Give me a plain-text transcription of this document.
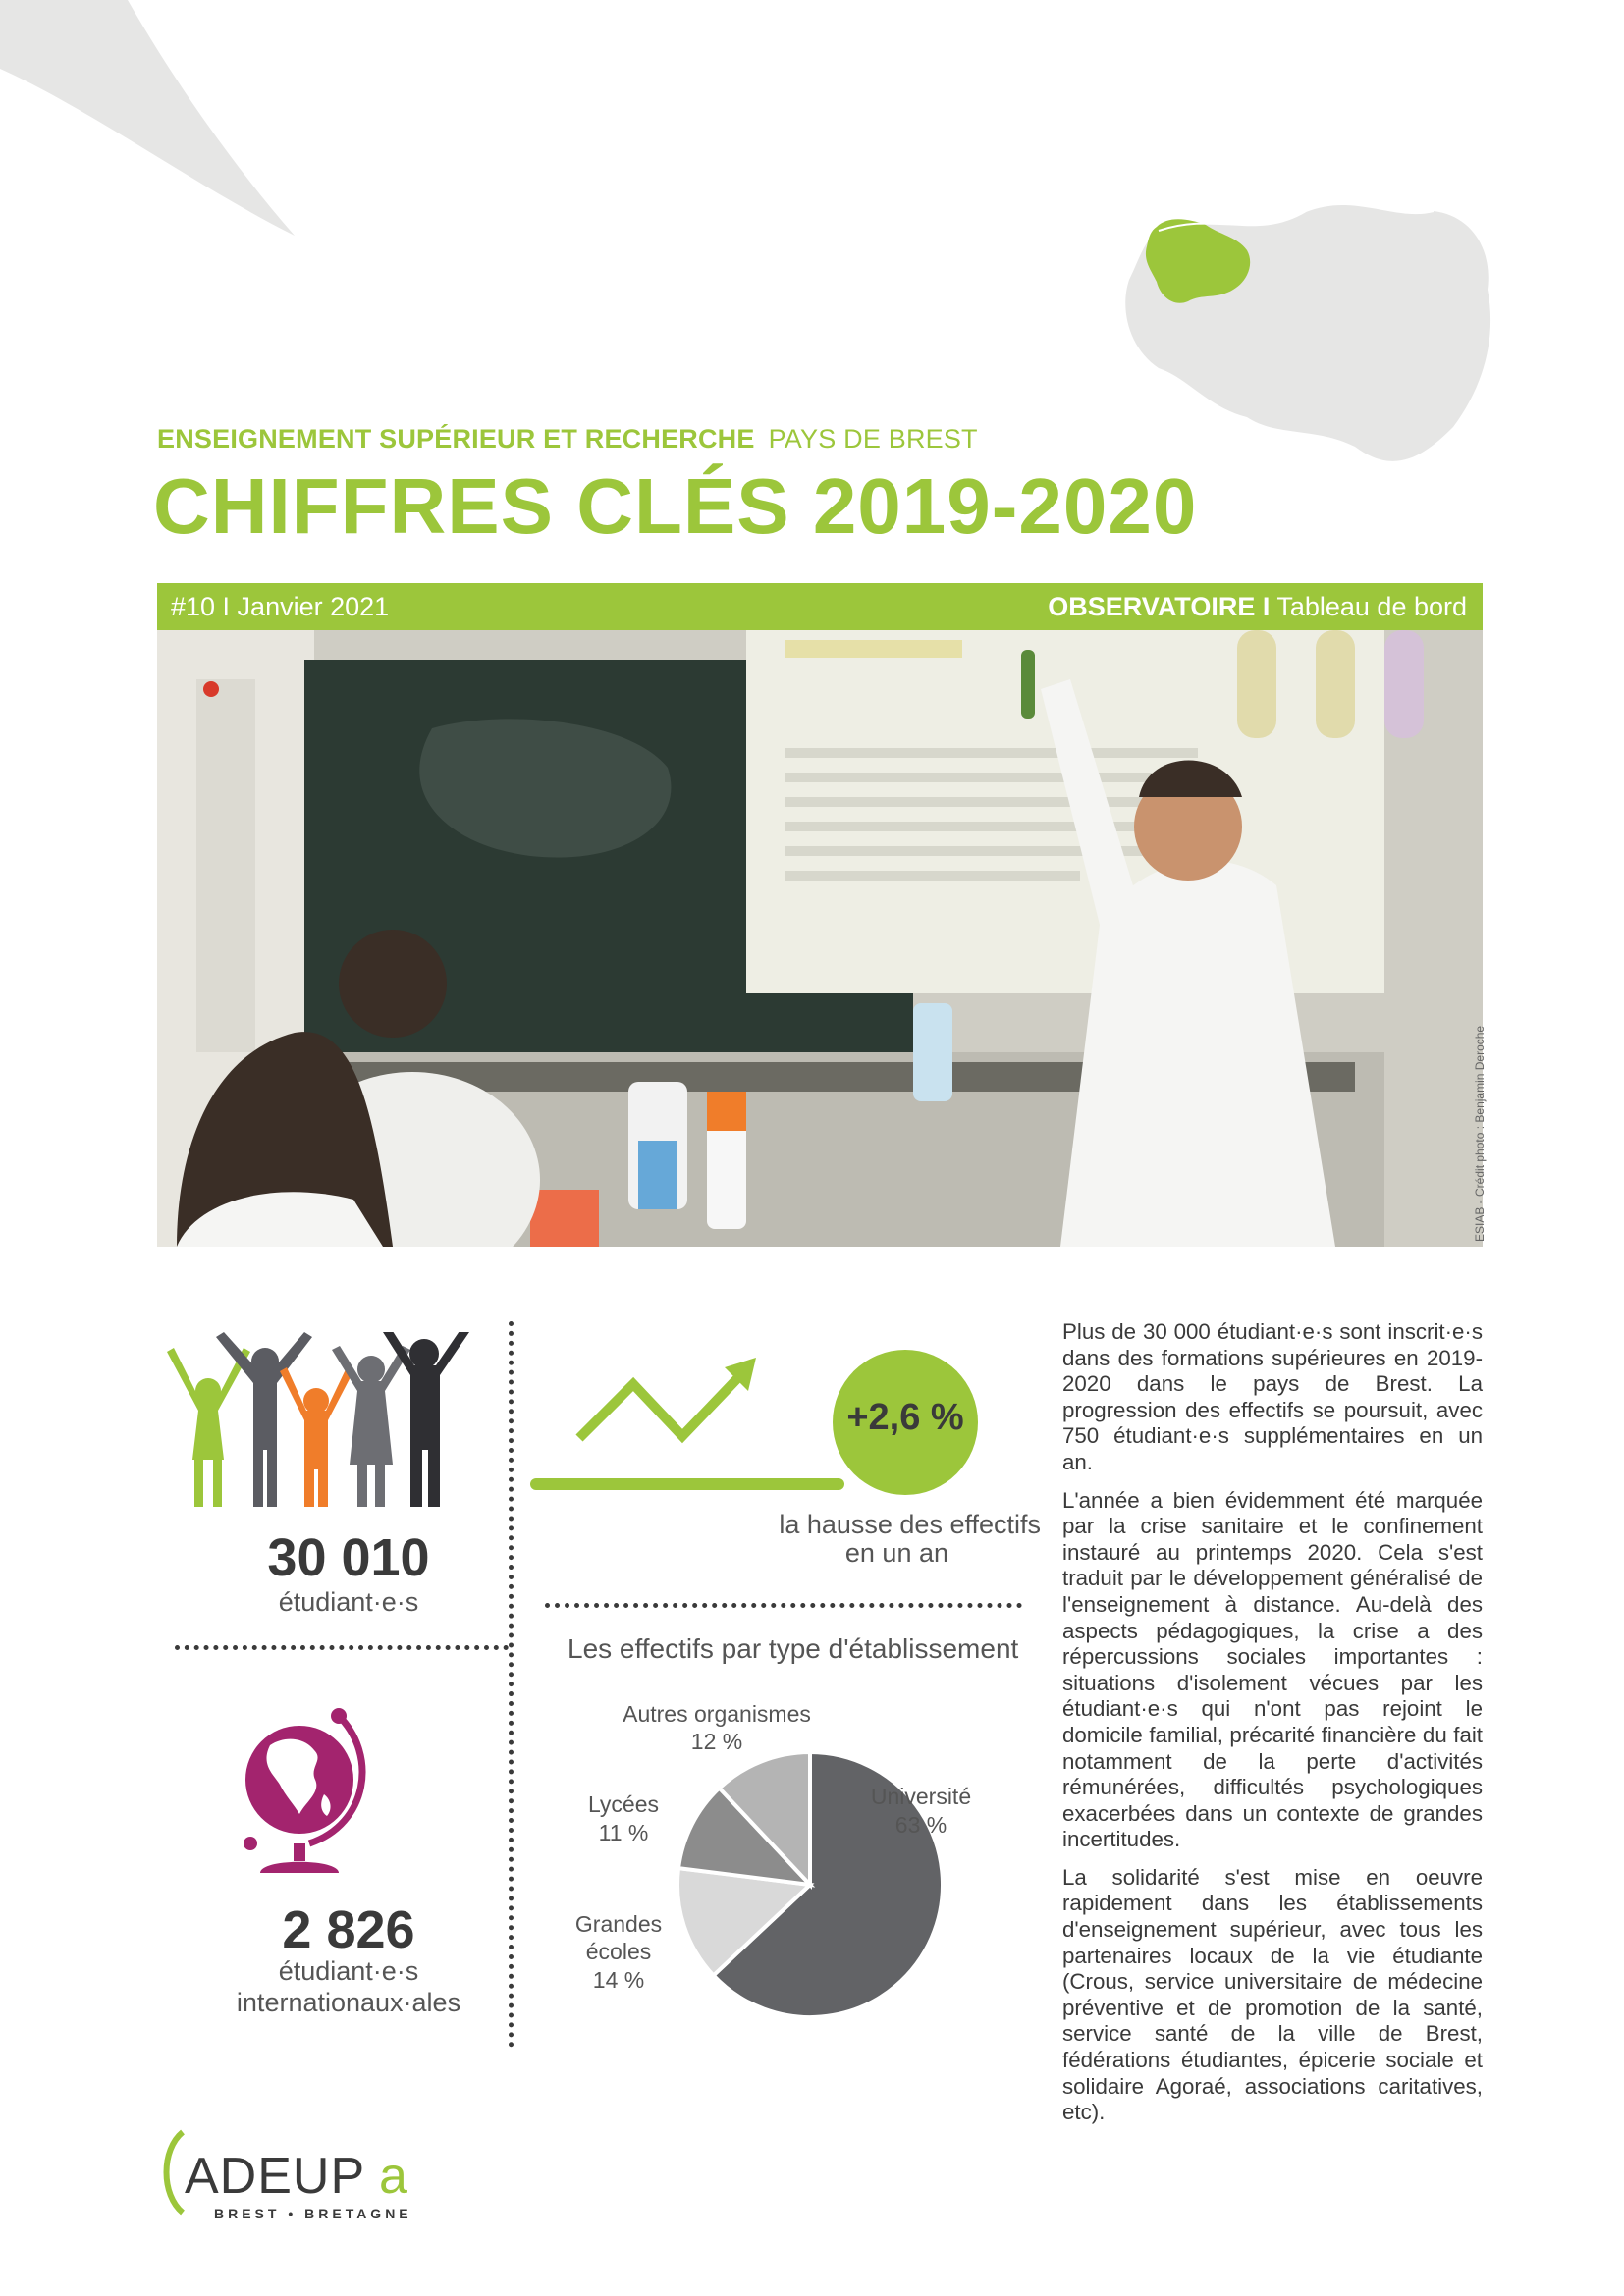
ENSEIGNEMENT SUPÉRIEUR ET RECHERCHE PAYS DE BREST
CHIFFRES CLÉS 2019-2020
#10 I Janvier 2021	OBSERVATOIRE I Tableau de bord
ESIAB - Crédit photo : Benjamin Deroche
30 010
étudiant·e·s
2 826
étudiant·e·s
internationaux·ales
+2,6 %
la hausse des effectifs
en un an
Les effectifs par type d'établissement
Université
63 %
Grandes
écoles
14 %
Lycées
11 %
Autres organismes
12 %

Plus de 30 000 étudiant·e·s sont inscrit·e·s dans des formations supérieures en 2019-2020 dans le pays de Brest. La progression des effectifs se poursuit, avec 750 étudiant·e·s supplémentaires en un an.

L'année a bien évidemment été marquée par la crise sanitaire et le confinement instauré au printemps 2020. Cela s'est traduit par le développement généralisé de l'enseignement à distance. Au-delà des aspects pédagogiques, la crise a des répercussions sociales importantes : situations d'isolement vécues par les étudiant·e·s qui n'ont pas rejoint le domicile familial, précarité financière du fait notamment de la perte d'activités rémunérées, difficultés psychologiques exacerbées dans un contexte de grandes incertitudes.

La solidarité s'est mise en oeuvre rapidement dans les établissements d'enseignement supérieur, avec tous les partenaires locaux de la vie étudiante (Crous, service universitaire de médecine préventive et de promotion de la santé, service santé de la ville de Brest, fédérations étudiantes, épicerie sociale et solidaire Agoraé, associations caritatives, etc).

ADEUP a
BREST • BRETAGNE
